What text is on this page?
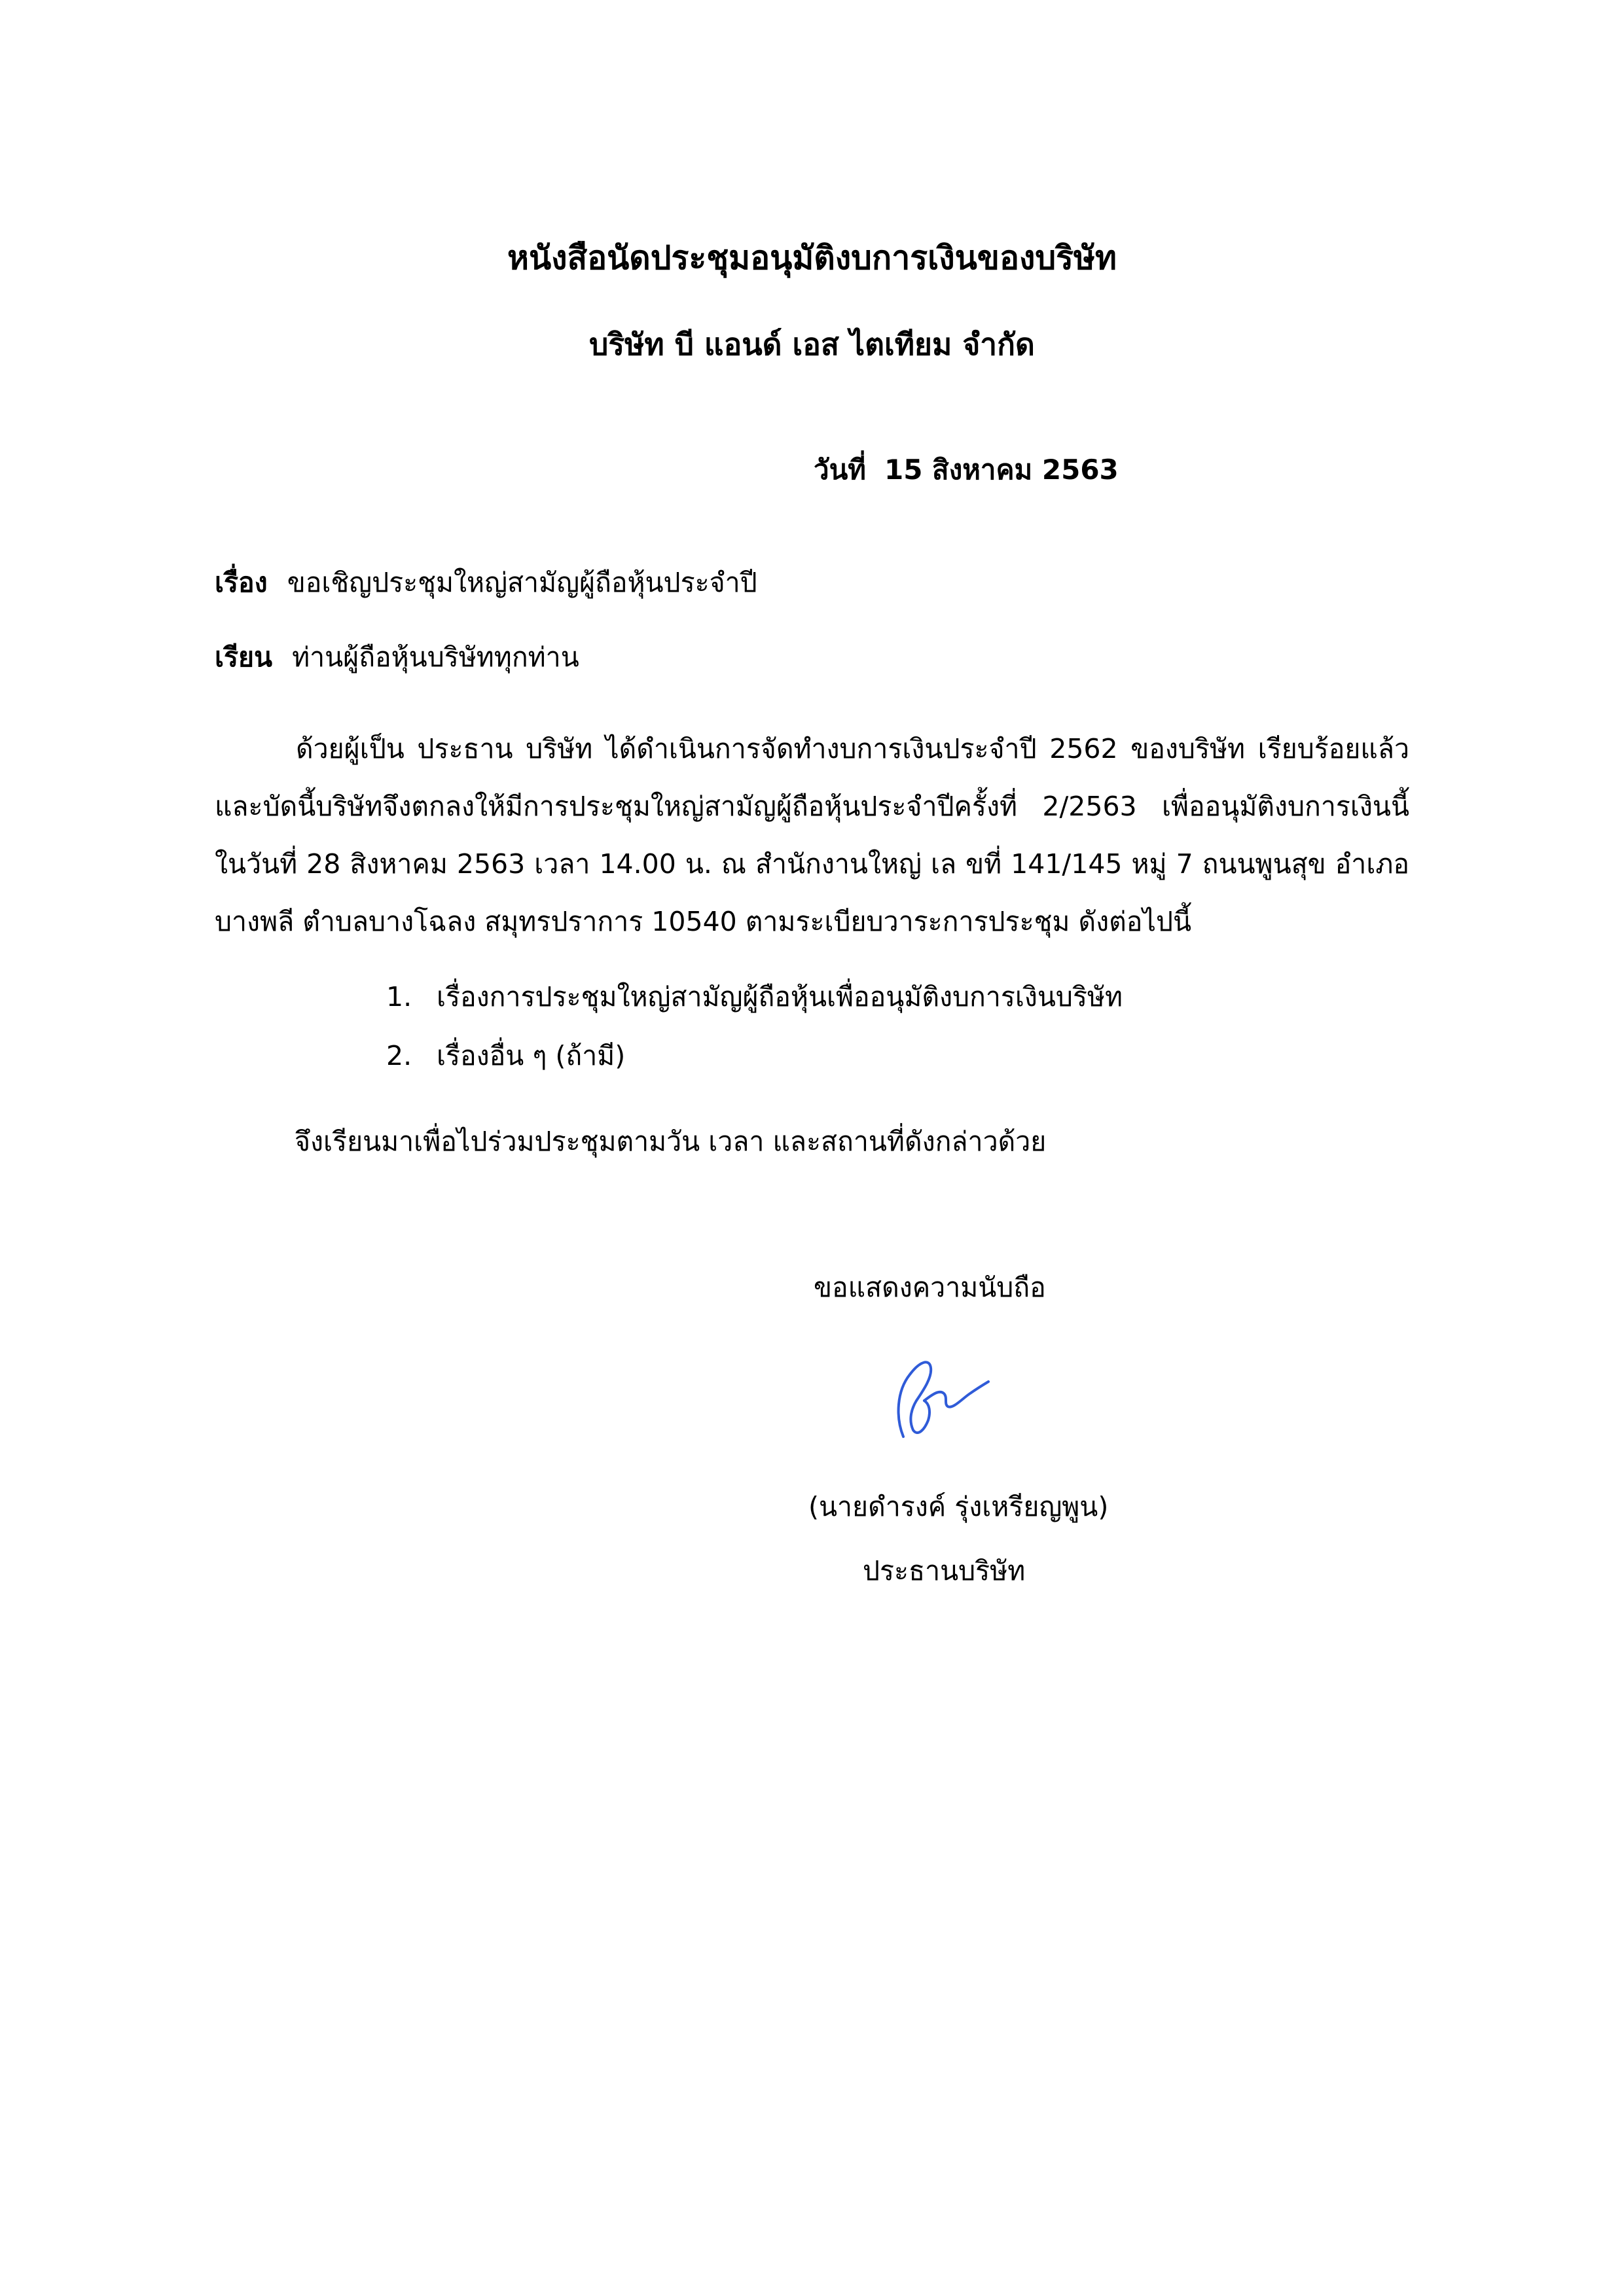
หนังสือนัดประชุมอนุมัติงบการเงินของบริษัท
บริษัท บี แอนด์ เอส ไตเทียม จำกัด
วันที่ 15 สิงหาคม 2563
เรื่อง ขอเชิญประชุมใหญ่สามัญผู้ถือหุ้นประจำปี
เรียน ท่านผู้ถือหุ้นบริษัททุกท่าน
ด้วยผู้เป็น ประธาน บริษัท ได้ดำเนินการจัดทำงบการเงินประจำปี 2562 ของบริษัท เรียบร้อยแล้ว
และบัดนี้บริษัทจึงตกลงให้มีการประชุมใหญ่สามัญผู้ถือหุ้นประจำปีครั้งที่ 2/2563 เพื่ออนุมัติงบการเงินนี้
ในวันที่ 28 สิงหาคม 2563 เวลา 14.00 น. ณ สำนักงานใหญ่ เล ขที่ 141/145 หมู่ 7 ถนนพูนสุข อำเภอ
บางพลี ตำบลบางโฉลง สมุทรปราการ 10540 ตามระเบียบวาระการประชุม ดังต่อไปนี้
1. เรื่องการประชุมใหญ่สามัญผู้ถือหุ้นเพื่ออนุมัติงบการเงินบริษัท
2. เรื่องอื่น ๆ (ถ้ามี)
จึงเรียนมาเพื่อไปร่วมประชุมตามวัน เวลา และสถานที่ดังกล่าวด้วย
ขอแสดงความนับถือ
(นายดำรงค์ รุ่งเหรียญพูน)
ประธานบริษัท
